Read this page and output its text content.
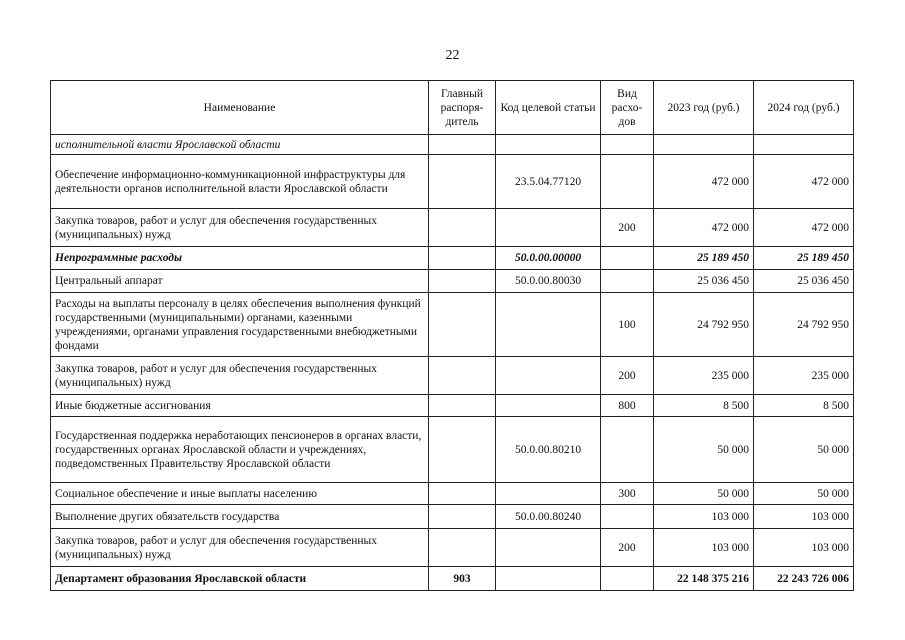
22
Наименование	Главный распоря-дитель	Код целевой статьи	Вид расхо-дов	2023 год (руб.)	2024 год (руб.)
исполнительной власти Ярославской области					
Обеспечение информационно-коммуникационной инфраструктуры для деятельности органов исполнительной власти Ярославской области		23.5.04.77120		472 000	472 000
Закупка товаров, работ и услуг для обеспечения государственных (муниципальных) нужд			200	472 000	472 000
Непрограммные расходы		50.0.00.00000		25 189 450	25 189 450
Центральный аппарат		50.0.00.80030		25 036 450	25 036 450
Расходы на выплаты персоналу в целях обеспечения выполнения функций государственными (муниципальными) органами, казенными учреждениями, органами управления государственными внебюджетными фондами			100	24 792 950	24 792 950
Закупка товаров, работ и услуг для обеспечения государственных (муниципальных) нужд			200	235 000	235 000
Иные бюджетные ассигнования			800	8 500	8 500
Государственная поддержка неработающих пенсионеров в органах власти, государственных органах Ярославской области и учреждениях, подведомственных Правительству Ярославской области		50.0.00.80210		50 000	50 000
Социальное обеспечение и иные выплаты населению			300	50 000	50 000
Выполнение других обязательств государства		50.0.00.80240		103 000	103 000
Закупка товаров, работ и услуг для обеспечения государственных (муниципальных) нужд			200	103 000	103 000
Департамент образования Ярославской области	903			22 148 375 216	22 243 726 006
